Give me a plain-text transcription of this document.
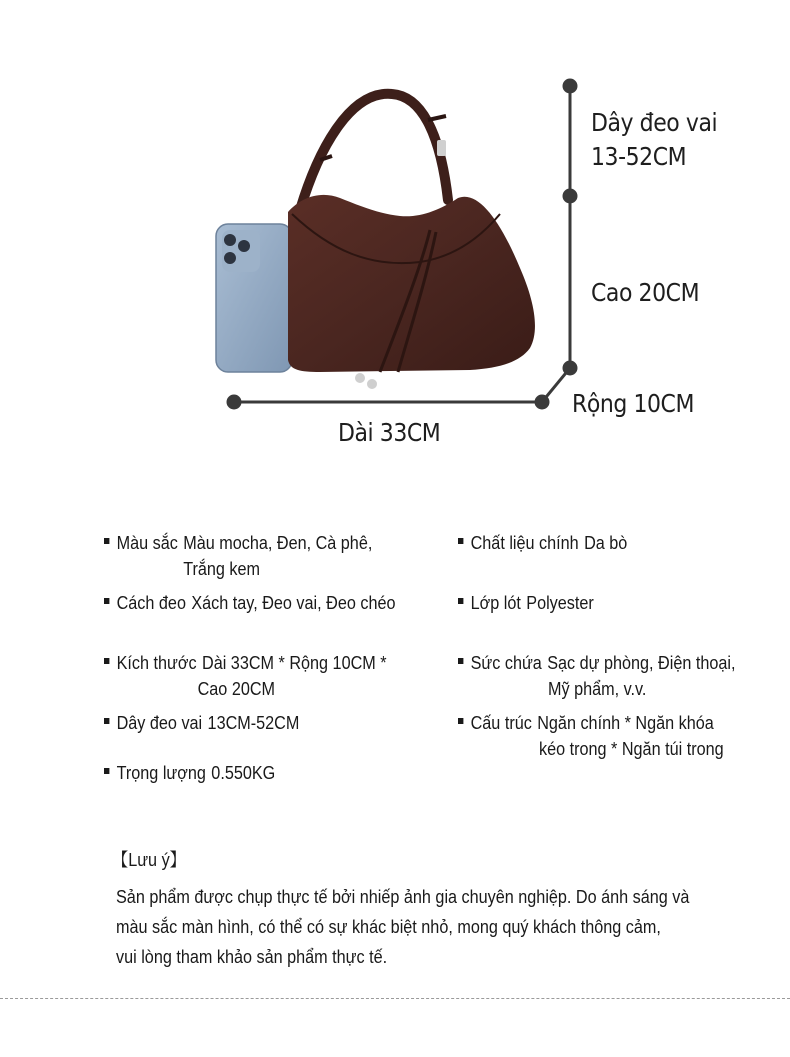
Dây đeo vai
13-52CM
Cao 20CM
Rộng 10CM
Dài 33CM
Màu sắc Màu mocha, Đen, Cà phê,
Trắng kem
Cách đeo Xách tay, Đeo vai, Đeo chéo
Kích thước Dài 33CM * Rộng 10CM *
Cao 20CM
Dây đeo vai 13CM-52CM
Trọng lượng 0.550KG
Chất liệu chính Da bò
Lớp lót Polyester
Sức chứa Sạc dự phòng, Điện thoại,
Mỹ phẩm, v.v.
Cấu trúc Ngăn chính * Ngăn khóa
kéo trong * Ngăn túi trong
【Lưu ý】
Sản phẩm được chụp thực tế bởi nhiếp ảnh gia chuyên nghiệp. Do ánh sáng và
màu sắc màn hình, có thể có sự khác biệt nhỏ, mong quý khách thông cảm,
vui lòng tham khảo sản phẩm thực tế.
